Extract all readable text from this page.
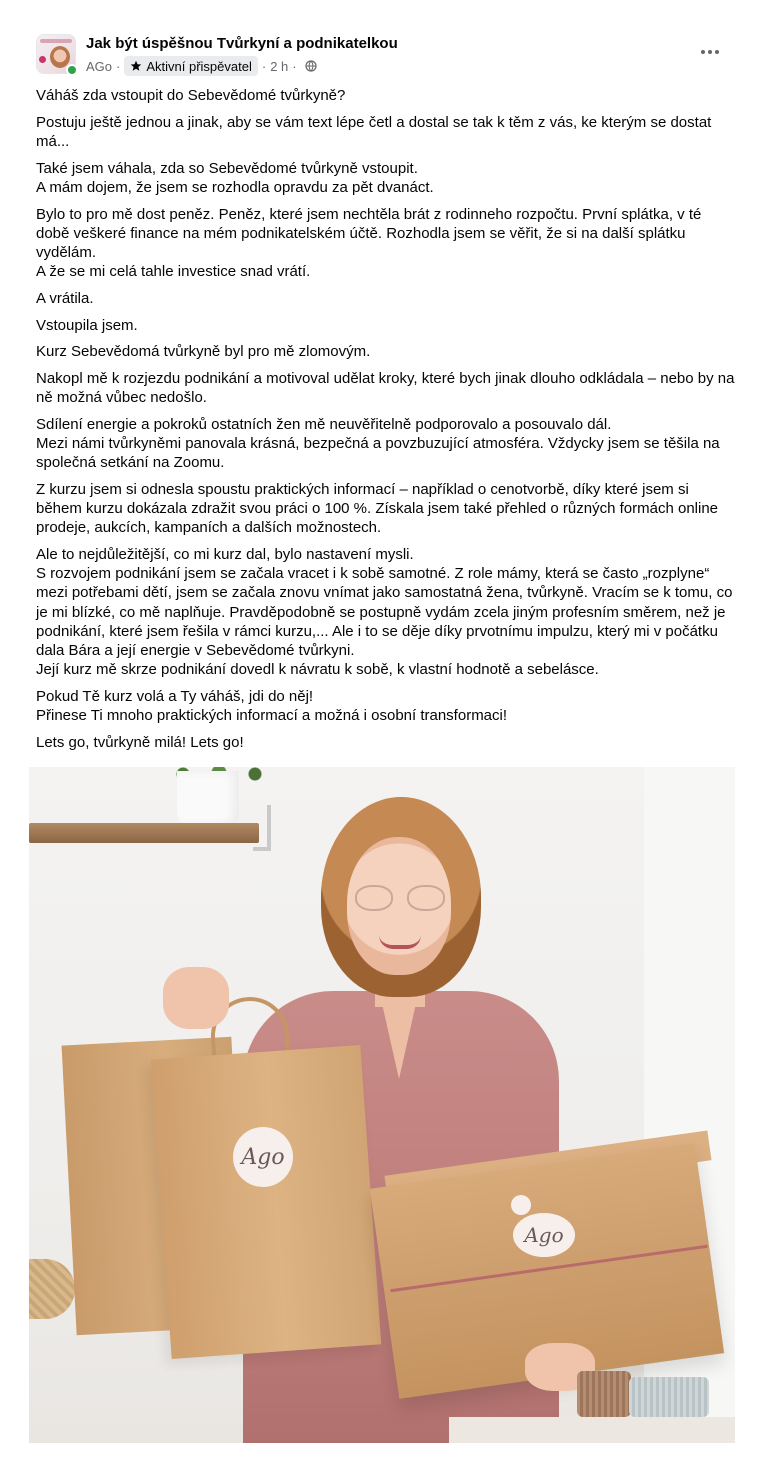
Jak být úspěšnou Tvůrkyní a podnikatelkou
AGo · Aktivní přispěvatel · 2 h ·

Váháš zda vstoupit do Sebevědomé tvůrkyně?

Postuju ještě jednou a jinak, aby se vám text lépe četl a dostal se tak k těm z vás, ke kterým se dostat má...

Také jsem váhala, zda so Sebevědomé tvůrkyně vstoupit.
A mám dojem, že jsem se rozhodla opravdu za pět dvanáct.

Bylo to pro mě dost peněz. Peněz, které jsem nechtěla brát z rodinneho rozpočtu. První splátka, v té době veškeré finance na mém podnikatelském účtě. Rozhodla jsem se věřit, že si na další splátku vydělám.
A že se mi celá tahle investice snad vrátí.

A vrátila.

Vstoupila jsem.

Kurz Sebevědomá tvůrkyně byl pro mě zlomovým.

Nakopl mě k rozjezdu podnikání a motivoval udělat kroky, které bych jinak dlouho odkládala – nebo by na ně možná vůbec nedošlo.

Sdílení energie a pokroků ostatních žen mě neuvěřitelně podporovalo a posouvalo dál.
Mezi námi tvůrkyněmi panovala krásná, bezpečná a povzbuzující atmosféra. Vždycky jsem se těšila na společná setkání na Zoomu.

Z kurzu jsem si odnesla spoustu praktických informací – například o cenotvorbě, díky které jsem si během kurzu dokázala zdražit svou práci o 100 %. Získala jsem také přehled o různých formách online prodeje, aukcích, kampaních a dalších možnostech.

Ale to nejdůležitější, co mi kurz dal, bylo nastavení mysli.
S rozvojem podnikání jsem se začala vracet i k sobě samotné. Z role mámy, která se často „rozplyne“ mezi potřebami dětí, jsem se začala znovu vnímat jako samostatná žena, tvůrkyně. Vracím se k tomu, co je mi blízké, co mě naplňuje. Pravděpodobně se postupně vydám zcela jiným profesním směrem, než je podnikání, které jsem řešila v rámci kurzu,... Ale i to se děje díky prvotnímu impulzu, který mi v počátku dala Bára a její energie v Sebevědomé tvůrkyni.
Její kurz mě skrze podnikání dovedl k návratu k sobě, k vlastní hodnotě a sebelásce.

Pokud Tě kurz volá a Ty váháš, jdi do něj!
Přinese Ti mnoho praktických informací a možná i osobní transformaci!

Lets go, tvůrkyně milá! Lets go!

Ago
Ago
